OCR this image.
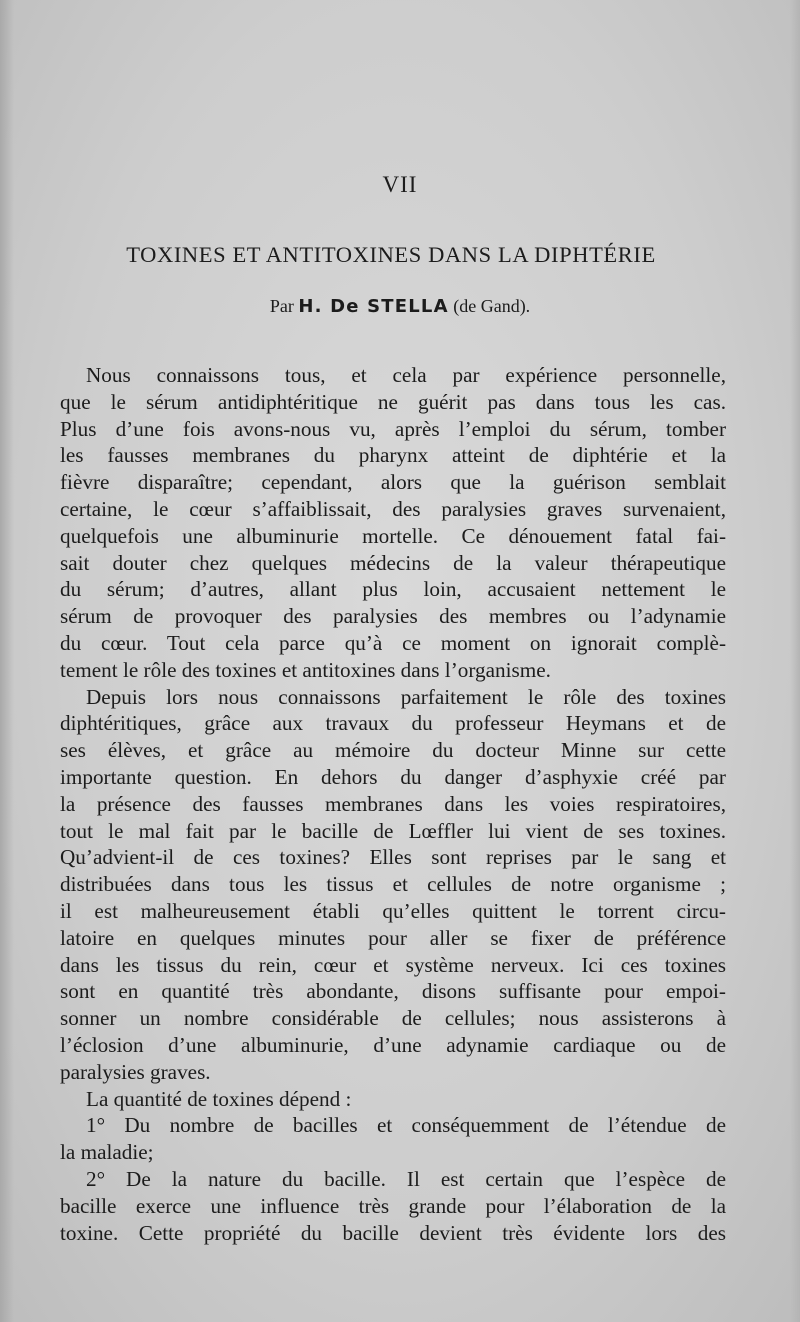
VII
TOXINES ET ANTITOXINES DANS LA DIPHTÉRIE
Par H. De STELLA (de Gand).
Nous connaissons tous, et cela par expérience personnelle,
que le sérum antidiphtéritique ne guérit pas dans tous les cas.
Plus d’une fois avons-nous vu, après l’emploi du sérum, tomber
les fausses membranes du pharynx atteint de diphtérie et la
fièvre disparaître; cependant, alors que la guérison semblait
certaine, le cœur s’affaiblissait, des paralysies graves survenaient,
quelquefois une albuminurie mortelle. Ce dénouement fatal fai-
sait douter chez quelques médecins de la valeur thérapeutique
du sérum; d’autres, allant plus loin, accusaient nettement le
sérum de provoquer des paralysies des membres ou l’adynamie
du cœur. Tout cela parce qu’à ce moment on ignorait complè-
tement le rôle des toxines et antitoxines dans l’organisme.
Depuis lors nous connaissons parfaitement le rôle des toxines
diphtéritiques, grâce aux travaux du professeur Heymans et de
ses élèves, et grâce au mémoire du docteur Minne sur cette
importante question. En dehors du danger d’asphyxie créé par
la présence des fausses membranes dans les voies respiratoires,
tout le mal fait par le bacille de Lœffler lui vient de ses toxines.
Qu’advient-il de ces toxines? Elles sont reprises par le sang et
distribuées dans tous les tissus et cellules de notre organisme ;
il est malheureusement établi qu’elles quittent le torrent circu-
latoire en quelques minutes pour aller se fixer de préférence
dans les tissus du rein, cœur et système nerveux. Ici ces toxines
sont en quantité très abondante, disons suffisante pour empoi-
sonner un nombre considérable de cellules; nous assisterons à
l’éclosion d’une albuminurie, d’une adynamie cardiaque ou de
paralysies graves.
La quantité de toxines dépend :
1° Du nombre de bacilles et conséquemment de l’étendue de
la maladie;
2° De la nature du bacille. Il est certain que l’espèce de
bacille exerce une influence très grande pour l’élaboration de la
toxine. Cette propriété du bacille devient très évidente lors des
